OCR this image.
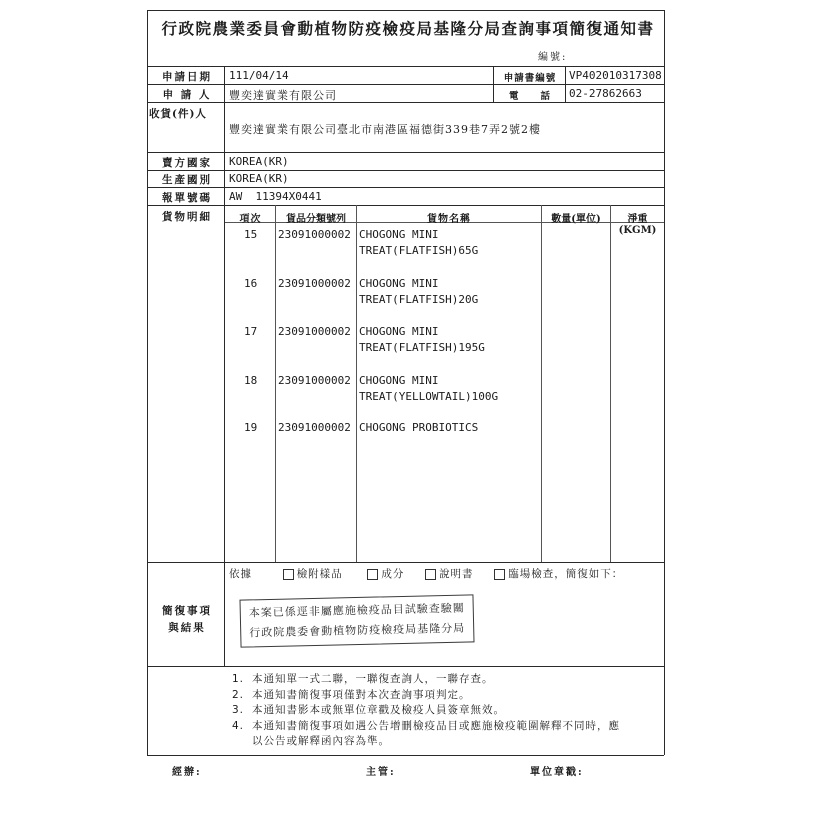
行政院農業委員會動植物防疫檢疫局基隆分局查詢事項簡復通知書
編號:
申請日期	111/04/14	申請書編號	VP402010317308
申 請 人	豐奕達實業有限公司	電　　話	02-27862663
收貨(件)人
豐奕達實業有限公司臺北市南港區福德街339巷7弄2號2樓
賣方國家	KOREA(KR)
生產國別	KOREA(KR)
報單號碼	AW  11394X0441
貨物明細	項次	貨品分類號列	貨物名稱	數量(單位)	淨重(KGM)
15 23091000002 CHOGONG MINI
TREAT(FLATFISH)65G
16 23091000002 CHOGONG MINI
TREAT(FLATFISH)20G
17 23091000002 CHOGONG MINI
TREAT(FLATFISH)195G
18 23091000002 CHOGONG MINI
TREAT(YELLOWTAIL)100G
19 23091000002 CHOGONG PROBIOTICS
簡復事項
與結果
依據	檢附樣品	成分	說明書	臨場檢查，簡復如下：
本案已係逕非屬應施檢疫品目試驗查驗關
行政院農委會動植物防疫檢疫局基隆分局
1. 本通知單一式二聯，一聯復查詢人，一聯存查。
2. 本通知書簡復事項僅對本次查詢事項判定。
3. 本通知書影本或無單位章戳及檢疫人員簽章無效。
4. 本通知書簡復事項如遇公告增刪檢疫品目或應施檢疫範圍解釋不同時，應
以公告或解釋函內容為準。
經辦:	主管:	單位章戳:
